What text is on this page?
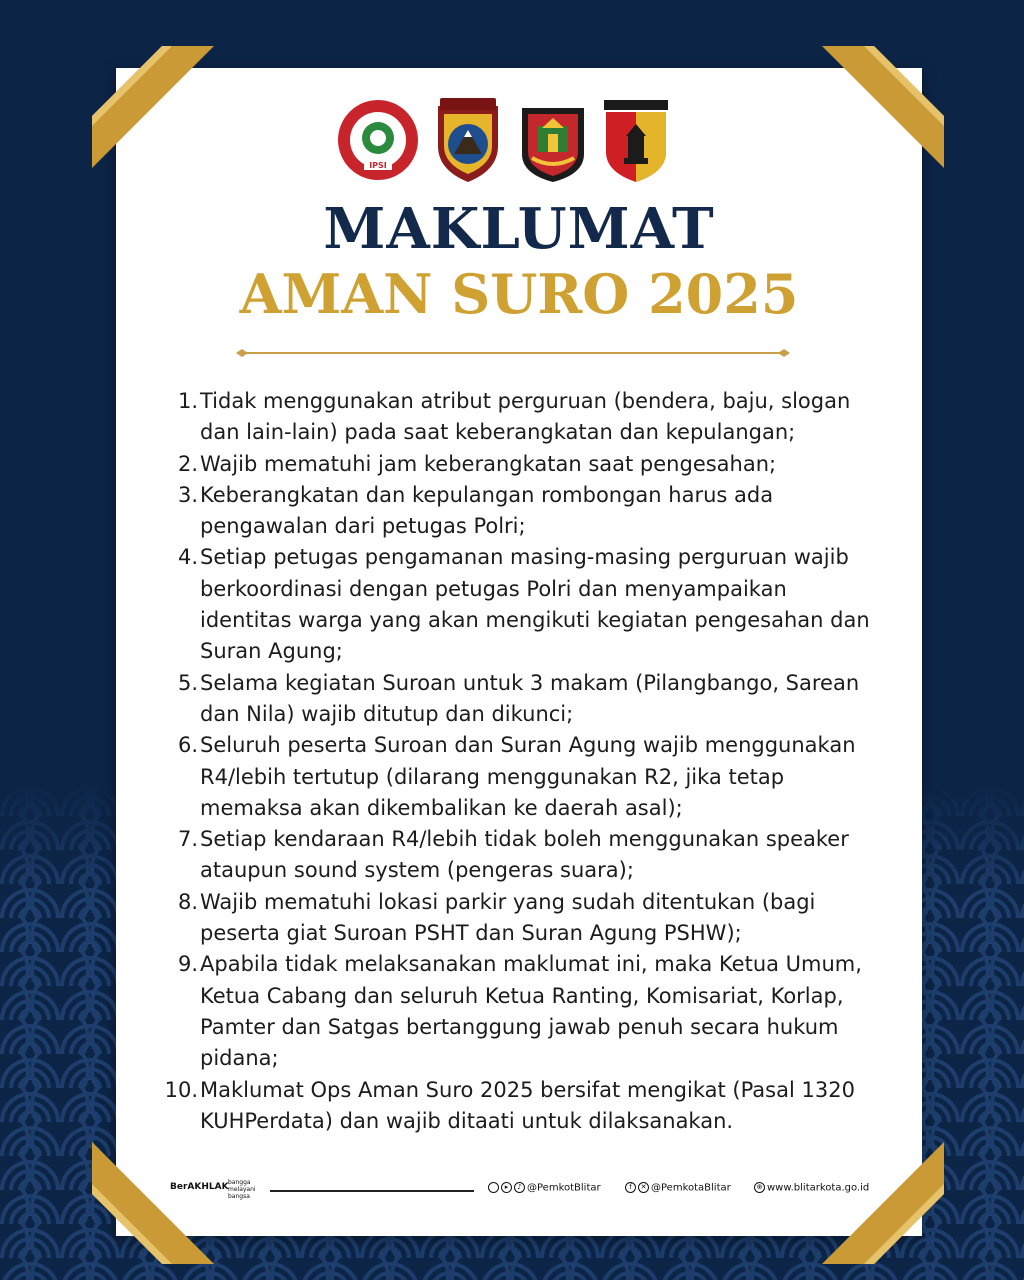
IPSI
MAKLUMAT
AMAN SURO 2025
1. Tidak menggunakan atribut perguruan (bendera, baju, slogan dan lain-lain) pada saat keberangkatan dan kepulangan;
2. Wajib mematuhi jam keberangkatan saat pengesahan;
3. Keberangkatan dan kepulangan rombongan harus ada pengawalan dari petugas Polri;
4. Setiap petugas pengamanan masing-masing perguruan wajib berkoordinasi dengan petugas Polri dan menyampaikan identitas warga yang akan mengikuti kegiatan pengesahan dan Suran Agung;
5. Selama kegiatan Suroan untuk 3 makam (Pilangbango, Sarean dan Nila) wajib ditutup dan dikunci;
6. Seluruh peserta Suroan dan Suran Agung wajib menggunakan R4/lebih tertutup (dilarang menggunakan R2, jika tetap memaksa akan dikembalikan ke daerah asal);
7. Setiap kendaraan R4/lebih tidak boleh menggunakan speaker ataupun sound system (pengeras suara);
8. Wajib mematuhi lokasi parkir yang sudah ditentukan (bagi peserta giat Suroan PSHT dan Suran Agung PSHW);
9. Apabila tidak melaksanakan maklumat ini, maka Ketua Umum, Ketua Cabang dan seluruh Ketua Ranting, Komisariat, Korlap, Pamter dan Satgas bertanggung jawab penuh secara hukum pidana;
10. Maklumat Ops Aman Suro 2025 bersifat mengikat (Pasal 1320 KUHPerdata) dan wajib ditaati untuk dilaksanakan.
BerAKHLAK bangga melayani bangsa
▸ ♪ @PemkotBlitar	f ✕ @PemkotaBlitar	⊕ www.blitarkota.go.id
